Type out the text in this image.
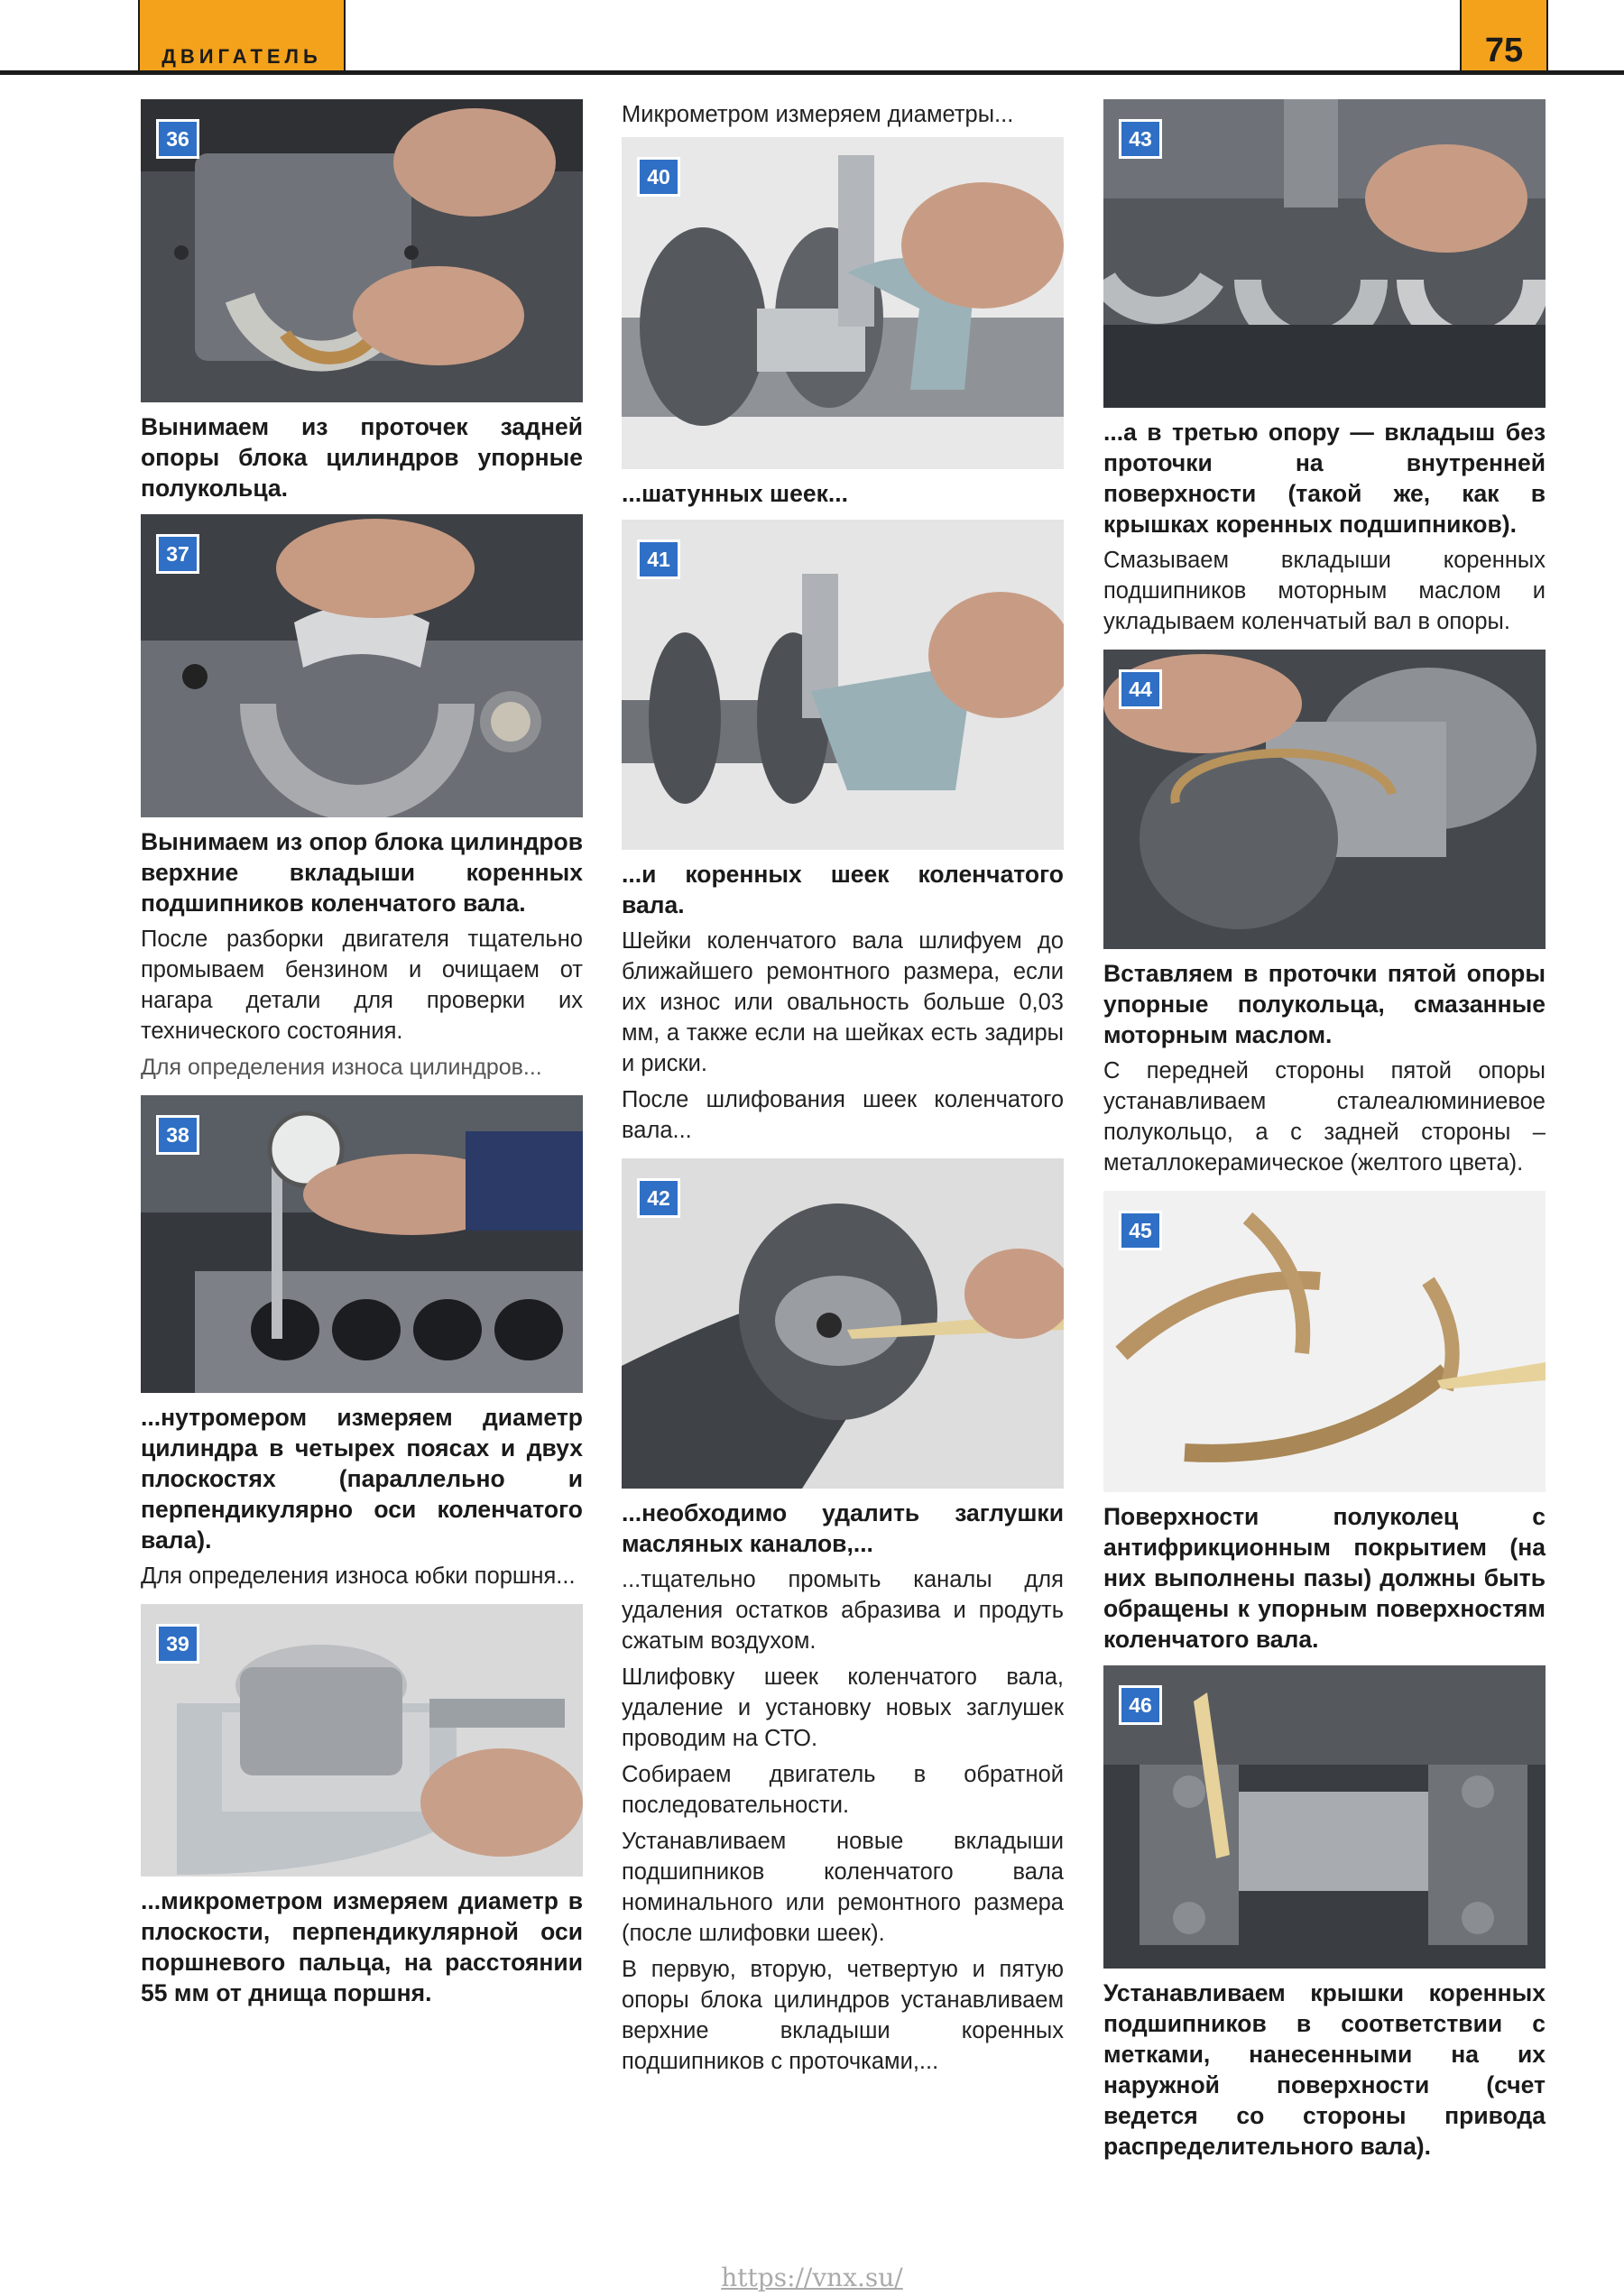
ДВИГАТЕЛЬ	75
36
Вынимаем из проточек задней опоры блока цилиндров упорные полукольца.
37
Вынимаем из опор блока цилиндров верхние вкладыши коренных подшипников коленчатого вала.
После разборки двигателя тщательно промываем бензином и очищаем от нагара детали для проверки их технического состояния.
Для определения износа цилиндров...
38
...нутромером измеряем диаметр цилиндра в четырех поясах и двух плоскостях (параллельно и перпендикулярно оси коленчатого вала).
Для определения износа юбки поршня...
39
...микрометром измеряем диаметр в плоскости, перпендикулярной оси поршневого пальца, на расстоянии 55 мм от днища поршня.
Микрометром измеряем диаметры...
40
...шатунных шеек...
41
...и коренных шеек коленчатого вала.
Шейки коленчатого вала шлифуем до ближайшего ремонтного размера, если их износ или овальность больше 0,03 мм, а также если на шейках есть задиры и риски.
После шлифования шеек коленчатого вала...
42
...необходимо удалить заглушки масляных каналов,...
...тщательно промыть каналы для удаления остатков абразива и продуть сжатым воздухом.
Шлифовку шеек коленчатого вала, удаление и установку новых заглушек проводим на СТО.
Собираем двигатель в обратной последовательности.
Устанавливаем новые вкладыши подшипников коленчатого вала номинального или ремонтного размера (после шлифовки шеек).
В первую, вторую, четвертую и пятую опоры блока цилиндров устанавливаем верхние вкладыши коренных подшипников с проточками,...
43
...а в третью опору — вкладыш без проточки на внутренней поверхности (такой же, как в крышках коренных подшипников).
Смазываем вкладыши коренных подшипников моторным маслом и укладываем коленчатый вал в опоры.
44
Вставляем в проточки пятой опоры упорные полукольца, смазанные моторным маслом.
С передней стороны пятой опоры устанавливаем сталеалюминиевое полукольцо, а с задней стороны – металлокерамическое (желтого цвета).
45
Поверхности полуколец с антифрикционным покрытием (на них выполнены пазы) должны быть обращены к упорным поверхностям коленчатого вала.
46
Устанавливаем крышки коренных подшипников в соответствии с метками, нанесенными на их наружной поверхности (счет ведется со стороны привода распределительного вала).
https://vnx.su/
